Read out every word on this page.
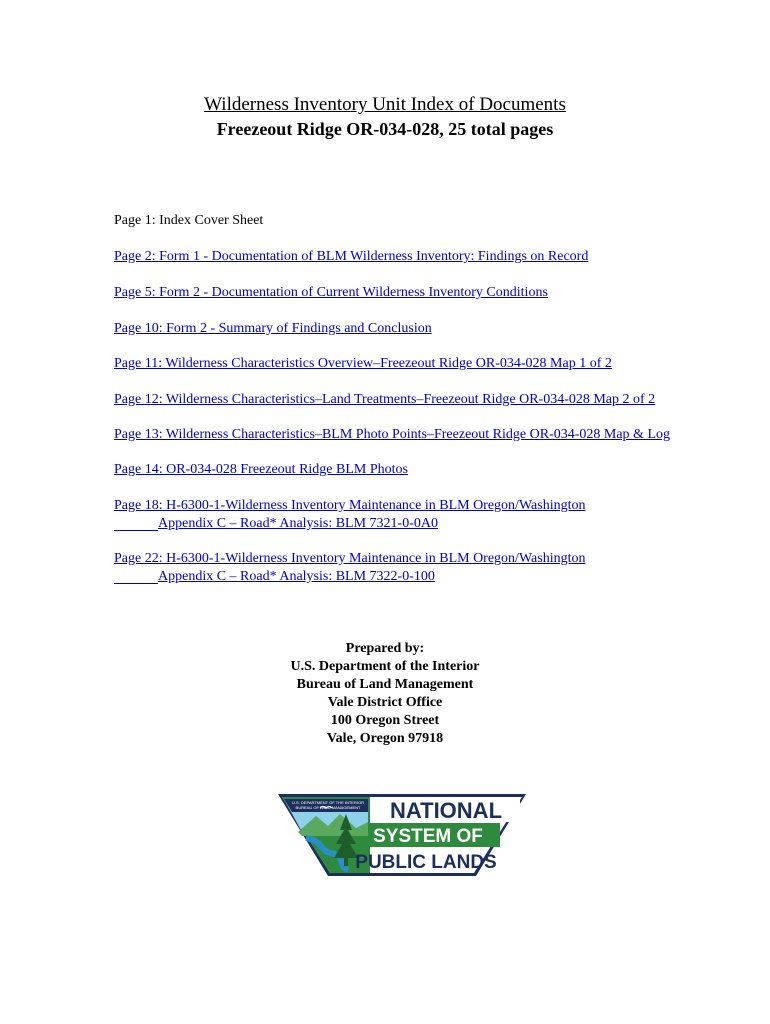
Wilderness Inventory Unit Index of Documents
Freezeout Ridge OR-034-028, 25 total pages
Page 1: Index Cover Sheet
Page 2: Form 1 - Documentation of BLM Wilderness Inventory: Findings on Record
Page 5: Form 2 - Documentation of Current Wilderness Inventory Conditions
Page 10: Form 2 - Summary of Findings and Conclusion
Page 11: Wilderness Characteristics Overview–Freezeout Ridge OR-034-028 Map 1 of 2
Page 12: Wilderness Characteristics–Land Treatments–Freezeout Ridge OR-034-028 Map 2 of 2
Page 13: Wilderness Characteristics–BLM Photo Points–Freezeout Ridge OR-034-028 Map & Log
Page 14: OR-034-028 Freezeout Ridge BLM Photos
Page 18: H-6300-1-Wilderness Inventory Maintenance in BLM Oregon/Washington
Appendix C – Road* Analysis: BLM 7321-0-0A0
Page 22: H-6300-1-Wilderness Inventory Maintenance in BLM Oregon/Washington
Appendix C – Road* Analysis: BLM 7322-0-100
Prepared by:
U.S. Department of the Interior
Bureau of Land Management
Vale District Office
100 Oregon Street
Vale, Oregon 97918
U.S. DEPARTMENT OF THE INTERIOR
BUREAU OF LAND MANAGEMENT NATIONAL
SYSTEM OF
PUBLIC LANDS
